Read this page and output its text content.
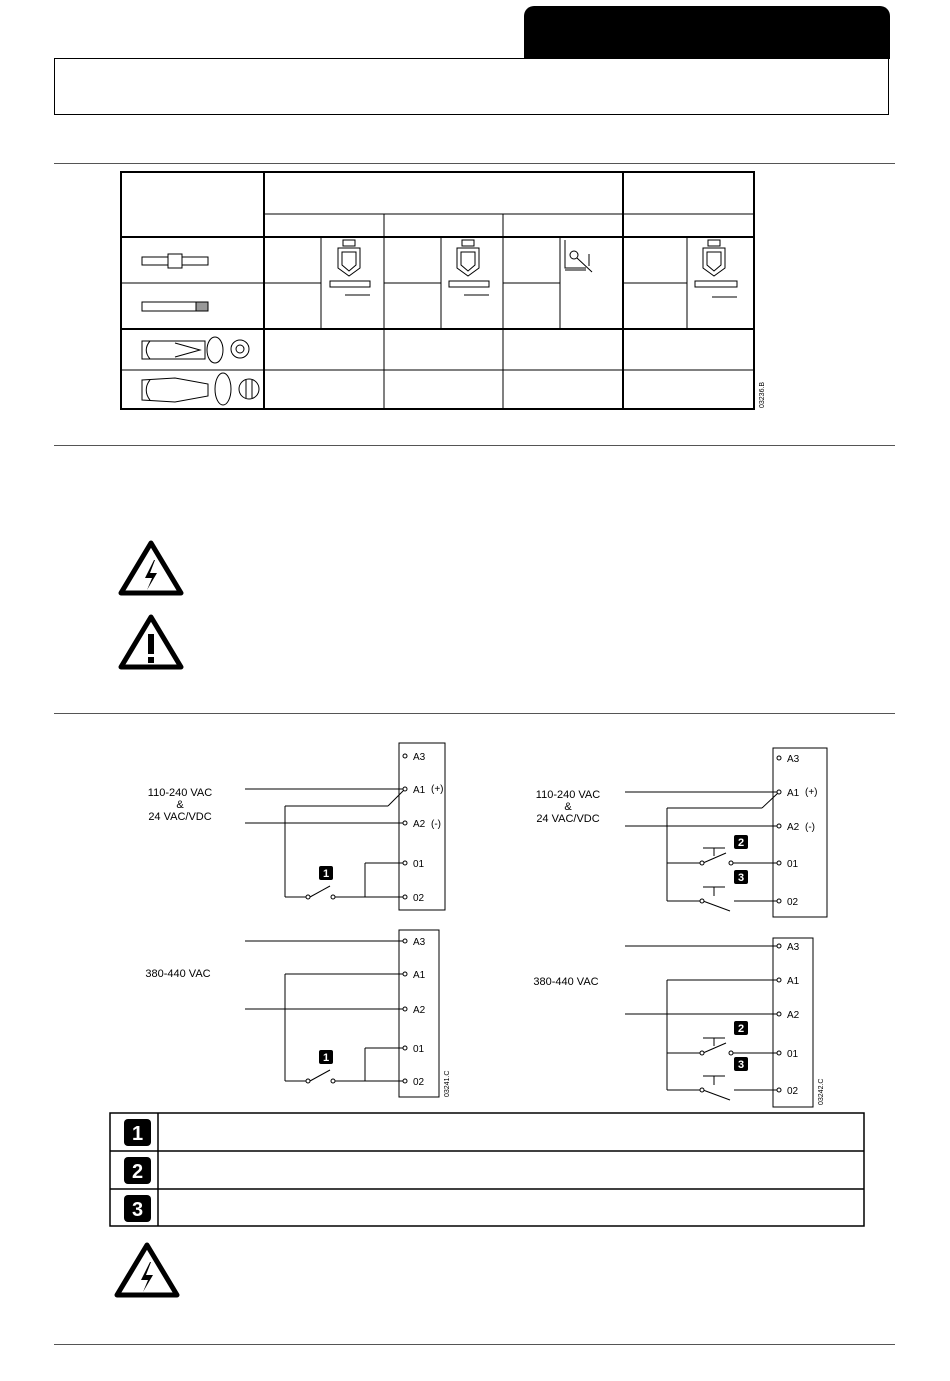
03236.B
110-240 VAC
&
24 VAC/VDC
380-440 VAC
110-240 VAC
&
24 VAC/VDC
380-440 VAC
A3
A1 (+)
A2 (-)
01
02
A3
A1
A2
01
02
A3
A1 (+)
A2 (-)
01
02
A3
A1
A2
01
02
1
1
2
3
2
3
03241.C	03242.C
1
2
3
